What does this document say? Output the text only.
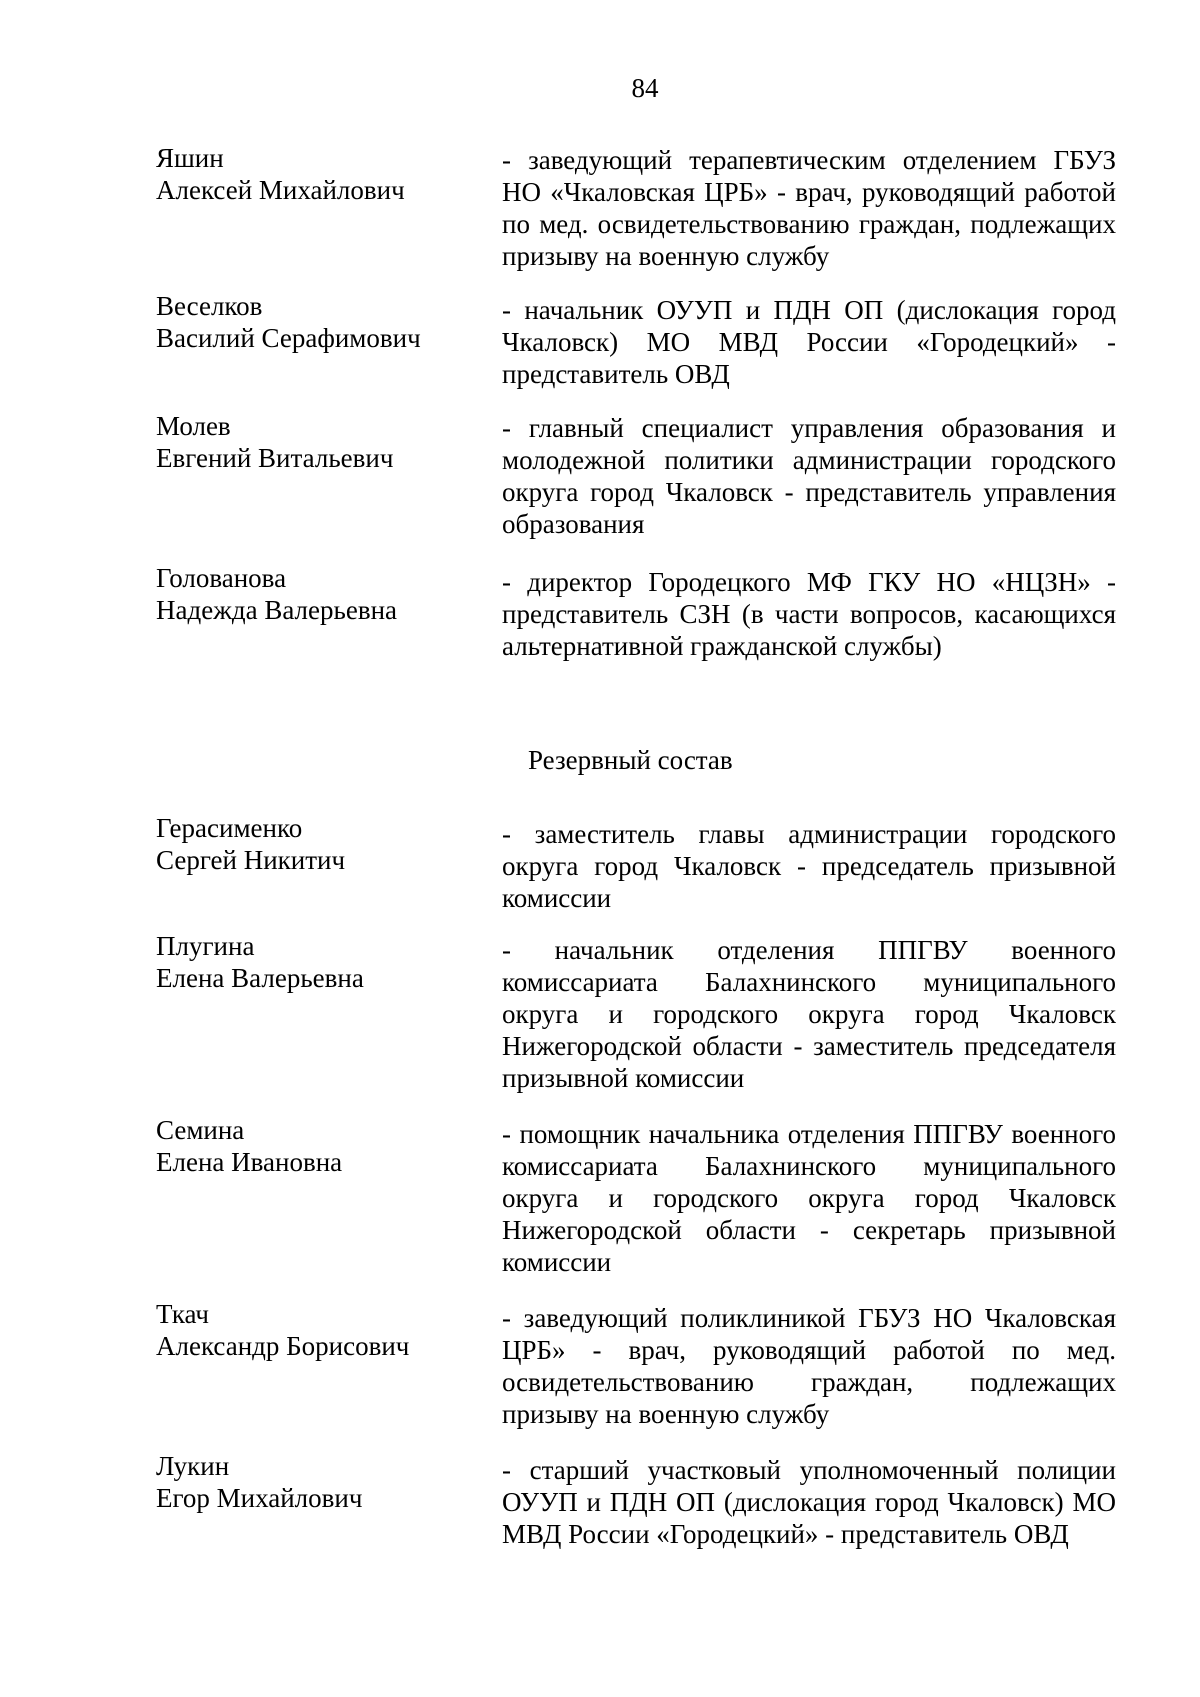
84
Яшин
Алексей Михайлович
- заведующий терапевтическим отделением ГБУЗ НО «Чкаловская ЦРБ» - врач, руководящий работой по мед. освидетельствованию граждан, подлежащих призыву на военную службу
Веселков
Василий Серафимович
- начальник ОУУП и ПДН ОП (дислокация город Чкаловск) МО МВД России «Городецкий» - представитель ОВД
Молев
Евгений Витальевич
- главный специалист управления образования и молодежной политики администрации городского округа город Чкаловск - представитель управления образования
Голованова
Надежда Валерьевна
- директор Городецкого МФ ГКУ НО «НЦЗН» - представитель СЗН (в части вопросов, касающихся альтернативной гражданской службы)
Резервный состав
Герасименко
Сергей Никитич
- заместитель главы администрации городского округа город Чкаловск - председатель призывной комиссии
Плугина
Елена Валерьевна
- начальник отделения ППГВУ военного комиссариата Балахнинского муниципального округа и городского округа город Чкаловск Нижегородской области - заместитель председателя призывной комиссии
Семина
Елена Ивановна
- помощник начальника отделения ППГВУ военного комиссариата Балахнинского муниципального округа и городского округа город Чкаловск Нижегородской области - секретарь призывной комиссии
Ткач
Александр Борисович
- заведующий поликлиникой ГБУЗ НО Чкаловская ЦРБ» - врач, руководящий работой по мед. освидетельствованию граждан, подлежащих призыву на военную службу
Лукин
Егор Михайлович
- старший участковый уполномоченный полиции ОУУП и ПДН ОП (дислокация город Чкаловск) МО МВД России «Городецкий» - представитель ОВД
